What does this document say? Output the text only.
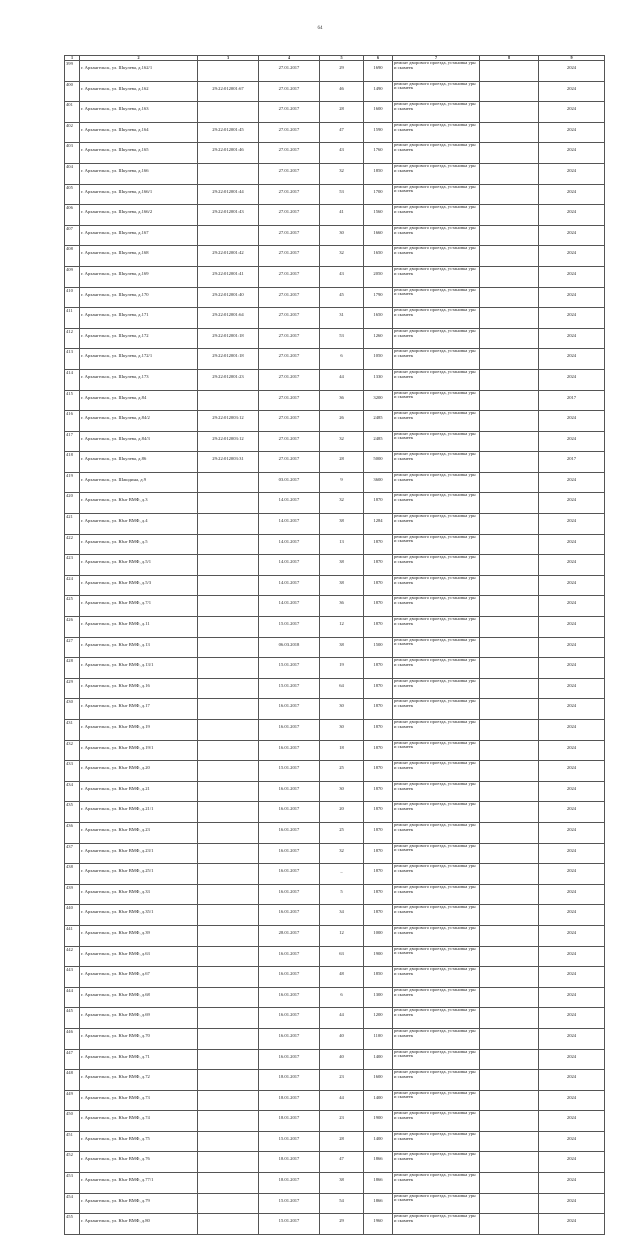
64
1	2	3	4	5	6	7	8	9
399	г. Архангельск, ул. Шкулева, д.162/1		27.01.2017	29	1690	ремонт дворового проезда, установка урн и скамеек		2024
400	г. Архангельск, ул. Шкулева, д.162	29:22:012001:67	27.01.2017	46	1490	ремонт дворового проезда, установка урн и скамеек		2024
401	г. Архангельск, ул. Шкулева, д.163		27.01.2017	28	1600	ремонт дворового проезда, установка урн и скамеек		2024
402	г. Архангельск, ул. Шкулева, д.164	29:22:012001:45	27.01.2017	47	1590	ремонт дворового проезда, установка урн и скамеек		2024
403	г. Архангельск, ул. Шкулева, д.165	29:22:012001:46	27.01.2017	43	1760	ремонт дворового проезда, установка урн и скамеек		2024
404	г. Архангельск, ул. Шкулева, д.166		27.01.2017	32	1850	ремонт дворового проезда, установка урн и скамеек		2024
405	г. Архангельск, ул. Шкулева, д.166/1	29:22:012001:44	27.01.2017	53	1700	ремонт дворового проезда, установка урн и скамеек		2024
406	г. Архангельск, ул. Шкулева, д.166/2	29:22:012001:43	27.01.2017	41	1560	ремонт дворового проезда, установка урн и скамеек		2024
407	г. Архангельск, ул. Шкулева, д.167		27.01.2017	30	1660	ремонт дворового проезда, установка урн и скамеек		2024
408	г. Архангельск, ул. Шкулева, д.168	29:22:012001:42	27.01.2017	32	1650	ремонт дворового проезда, установка урн и скамеек		2024
409	г. Архангельск, ул. Шкулева, д.169	29:22:012001:41	27.01.2017	43	2050	ремонт дворового проезда, установка урн и скамеек		2024
410	г. Архангельск, ул. Шкулева, д.170	29:22:012001:40	27.01.2017	45	1790	ремонт дворового проезда, установка урн и скамеек		2024
411	г. Архангельск, ул. Шкулева, д.171	29:22:012001:64	27.01.2017	31	1650	ремонт дворового проезда, установка урн и скамеек		2024
412	г. Архангельск, ул. Шкулева, д.172	29:22:012001:18	27.01.2017	53	1260	ремонт дворового проезда, установка урн и скамеек		2024
413	г. Архангельск, ул. Шкулева, д.172/1	29:22:012001:18	27.01.2017	6	1050	ремонт дворового проезда, установка урн и скамеек		2024
414	г. Архангельск, ул. Шкулева, д.173	29:22:012001:23	27.01.2017	44	1330	ремонт дворового проезда, установка урн и скамеек		2024
415	г. Архангельск, ул. Шкулева, д.84		27.01.2017	36	3200	ремонт дворового проезда, установка урн и скамеек		2017
416	г. Архангельск, ул. Шкулева, д.84/2	29:22:012003:12	27.01.2017	26	2485	ремонт дворового проезда, установка урн и скамеек		2024
417	г. Архангельск, ул. Шкулева, д.84/3	29:22:012003:12	27.01.2017	32	2485	ремонт дворового проезда, установка урн и скамеек		2024
418	г. Архангельск, ул. Шкулева, д.86	29:22:012003:31	27.01.2017	28	5000	ремонт дворового проезда, установка урн и скамеек		2017
419	г. Архангельск, ул. Шашдина, д.9		03.01.2017	9	3600	ремонт дворового проезда, установка урн и скамеек		2024
420	г. Архангельск, ул. Юнг ВМФ, д.3		14.01.2017	32	1870	ремонт дворового проезда, установка урн и скамеек		2024
421	г. Архангельск, ул. Юнг ВМФ, д.4		14.01.2017	38	1284	ремонт дворового проезда, установка урн и скамеек		2024
422	г. Архангельск, ул. Юнг ВМФ, д.5		14.01.2017	13	1870	ремонт дворового проезда, установка урн и скамеек		2024
423	г. Архангельск, ул. Юнг ВМФ, д.5/1		14.01.2017	38	1870	ремонт дворового проезда, установка урн и скамеек		2024
424	г. Архангельск, ул. Юнг ВМФ, д.5/3		14.01.2017	38	1870	ремонт дворового проезда, установка урн и скамеек		2024
425	г. Архангельск, ул. Юнг ВМФ, д.7/1		14.01.2017	36	1870	ремонт дворового проезда, установка урн и скамеек		2024
426	г. Архангельск, ул. Юнг ВМФ, д.11		15.01.2017	12	1870	ремонт дворового проезда, установка урн и скамеек		2024
427	г. Архангельск, ул. Юнг ВМФ, д.13		06.03.2018	38	1500	ремонт дворового проезда, установка урн и скамеек		2024
428	г. Архангельск, ул. Юнг ВМФ, д.13/1		15.01.2017	19	1870	ремонт дворового проезда, установка урн и скамеек		2024
429	г. Архангельск, ул. Юнг ВМФ, д.16		15.01.2017	64	1870	ремонт дворового проезда, установка урн и скамеек		2024
430	г. Архангельск, ул. Юнг ВМФ, д.17		16.01.2017	30	1870	ремонт дворового проезда, установка урн и скамеек		2024
431	г. Архангельск, ул. Юнг ВМФ, д.19		16.01.2017	30	1870	ремонт дворового проезда, установка урн и скамеек		2024
432	г. Архангельск, ул. Юнг ВМФ, д.19/1		16.01.2017	18	1870	ремонт дворового проезда, установка урн и скамеек		2024
433	г. Архангельск, ул. Юнг ВМФ, д.20		15.01.2017	25	1870	ремонт дворового проезда, установка урн и скамеек		2024
434	г. Архангельск, ул. Юнг ВМФ, д.21		16.01.2017	30	1870	ремонт дворового проезда, установка урн и скамеек		2024
435	г. Архангельск, ул. Юнг ВМФ, д.21/1		16.01.2017	20	1870	ремонт дворового проезда, установка урн и скамеек		2024
436	г. Архангельск, ул. Юнг ВМФ, д.23		16.01.2017	25	1870	ремонт дворового проезда, установка урн и скамеек		2024
437	г. Архангельск, ул. Юнг ВМФ, д.23/1		16.01.2017	32	1870	ремонт дворового проезда, установка урн и скамеек		2024
438	г. Архангельск, ул. Юнг ВМФ, д.25/1		16.01.2017	_	1870	ремонт дворового проезда, установка урн и скамеек		2024
439	г. Архангельск, ул. Юнг ВМФ, д.33		16.01.2017	5	1870	ремонт дворового проезда, установка урн и скамеек		2024
440	г. Архангельск, ул. Юнг ВМФ, д.35/1		16.01.2017	34	1870	ремонт дворового проезда, установка урн и скамеек		2024
441	г. Архангельск, ул. Юнг ВМФ, д.39		28.01.2017	12	1000	ремонт дворового проезда, установка урн и скамеек		2024
442	г. Архангельск, ул. Юнг ВМФ, д.63		16.01.2017	63	1900	ремонт дворового проезда, установка урн и скамеек		2024
443	г. Архангельск, ул. Юнг ВМФ, д.67		16.01.2017	48	1850	ремонт дворового проезда, установка урн и скамеек		2024
444	г. Архангельск, ул. Юнг ВМФ, д.68		16.01.2017	6	1300	ремонт дворового проезда, установка урн и скамеек		2024
445	г. Архангельск, ул. Юнг ВМФ, д.69		16.01.2017	44	1200	ремонт дворового проезда, установка урн и скамеек		2024
446	г. Архангельск, ул. Юнг ВМФ, д.70		16.01.2017	40	1100	ремонт дворового проезда, установка урн и скамеек		2024
447	г. Архангельск, ул. Юнг ВМФ, д.71		16.01.2017	40	1400	ремонт дворового проезда, установка урн и скамеек		2024
448	г. Архангельск, ул. Юнг ВМФ, д.72		18.01.2017	23	1600	ремонт дворового проезда, установка урн и скамеек		2024
449	г. Архангельск, ул. Юнг ВМФ, д.73		18.01.2017	44	1400	ремонт дворового проезда, установка урн и скамеек		2024
450	г. Архангельск, ул. Юнг ВМФ, д.74		18.01.2017	23	1900	ремонт дворового проезда, установка урн и скамеек		2024
451	г. Архангельск, ул. Юнг ВМФ, д.75		15.01.2017	28	1400	ремонт дворового проезда, установка урн и скамеек		2024
452	г. Архангельск, ул. Юнг ВМФ, д.76		18.01.2017	47	1866	ремонт дворового проезда, установка урн и скамеек		2024
453	г. Архангельск, ул. Юнг ВМФ, д.77/1		18.01.2017	38	1866	ремонт дворового проезда, установка урн и скамеек		2024
454	г. Архангельск, ул. Юнг ВМФ, д.79		15.01.2017	54	1866	ремонт дворового проезда, установка урн и скамеек		2024
455	г. Архангельск, ул. Юнг ВМФ, д.80		15.01.2017	29	1960	ремонт дворового проезда, установка урн и скамеек		2024
